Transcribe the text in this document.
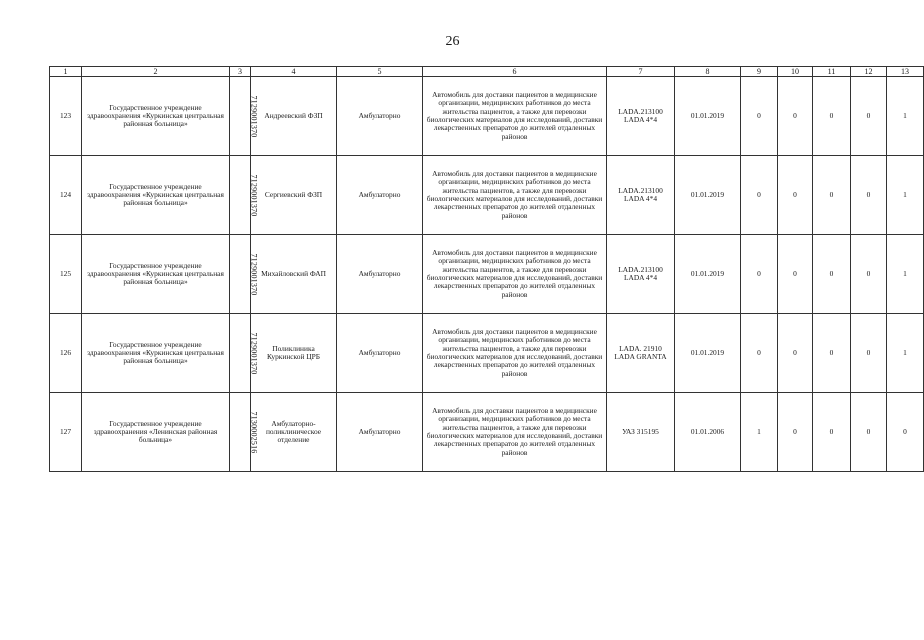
26
1	2	3	4	5	6	7	8	9	10	11	12	13
123	Государственное учреждение здравоохранения «Куркинская центральная районная больница»	7129001370	Андреевский ФЗП	Амбулаторно	Автомобиль для доставки пациентов в медицинские организации, медицинских работников до места жительства пациентов, а также для перевозки биологических материалов для исследований, доставки лекарственных препаратов до жителей отдаленных районов	LADA.213100 LADA 4*4	01.01.2019	0	0	0	0	1
124	Государственное учреждение здравоохранения «Куркинская центральная районная больница»	7129001370	Сергиевский ФЗП	Амбулаторно	Автомобиль для доставки пациентов в медицинские организации, медицинских работников до места жительства пациентов, а также для перевозки биологических материалов для исследований, доставки лекарственных препаратов до жителей отдаленных районов	LADA.213100 LADA 4*4	01.01.2019	0	0	0	0	1
125	Государственное учреждение здравоохранения «Куркинская центральная районная больница»	7129001370	Михайловский ФАП	Амбулаторно	Автомобиль для доставки пациентов в медицинские организации, медицинских работников до места жительства пациентов, а также для перевозки биологических материалов для исследований, доставки лекарственных препаратов до жителей отдаленных районов	LADA.213100 LADA 4*4	01.01.2019	0	0	0	0	1
126	Государственное учреждение здравоохранения «Куркинская центральная районная больница»	7129001370	Поликлиника Куркинской ЦРБ	Амбулаторно	Автомобиль для доставки пациентов в медицинские организации, медицинских работников до места жительства пациентов, а также для перевозки биологических материалов для исследований, доставки лекарственных препаратов до жителей отдаленных районов	LADA. 21910 LADA GRANTA	01.01.2019	0	0	0	0	1
127	Государственное учреждение здравоохранения «Ленинская районная больница»	7130002516	Амбулаторно-поликлиническое отделение	Амбулаторно	Автомобиль для доставки пациентов в медицинские организации, медицинских работников до места жительства пациентов, а также для перевозки биологических материалов для исследований, доставки лекарственных препаратов до жителей отдаленных районов	УАЗ 315195	01.01.2006	1	0	0	0	0
